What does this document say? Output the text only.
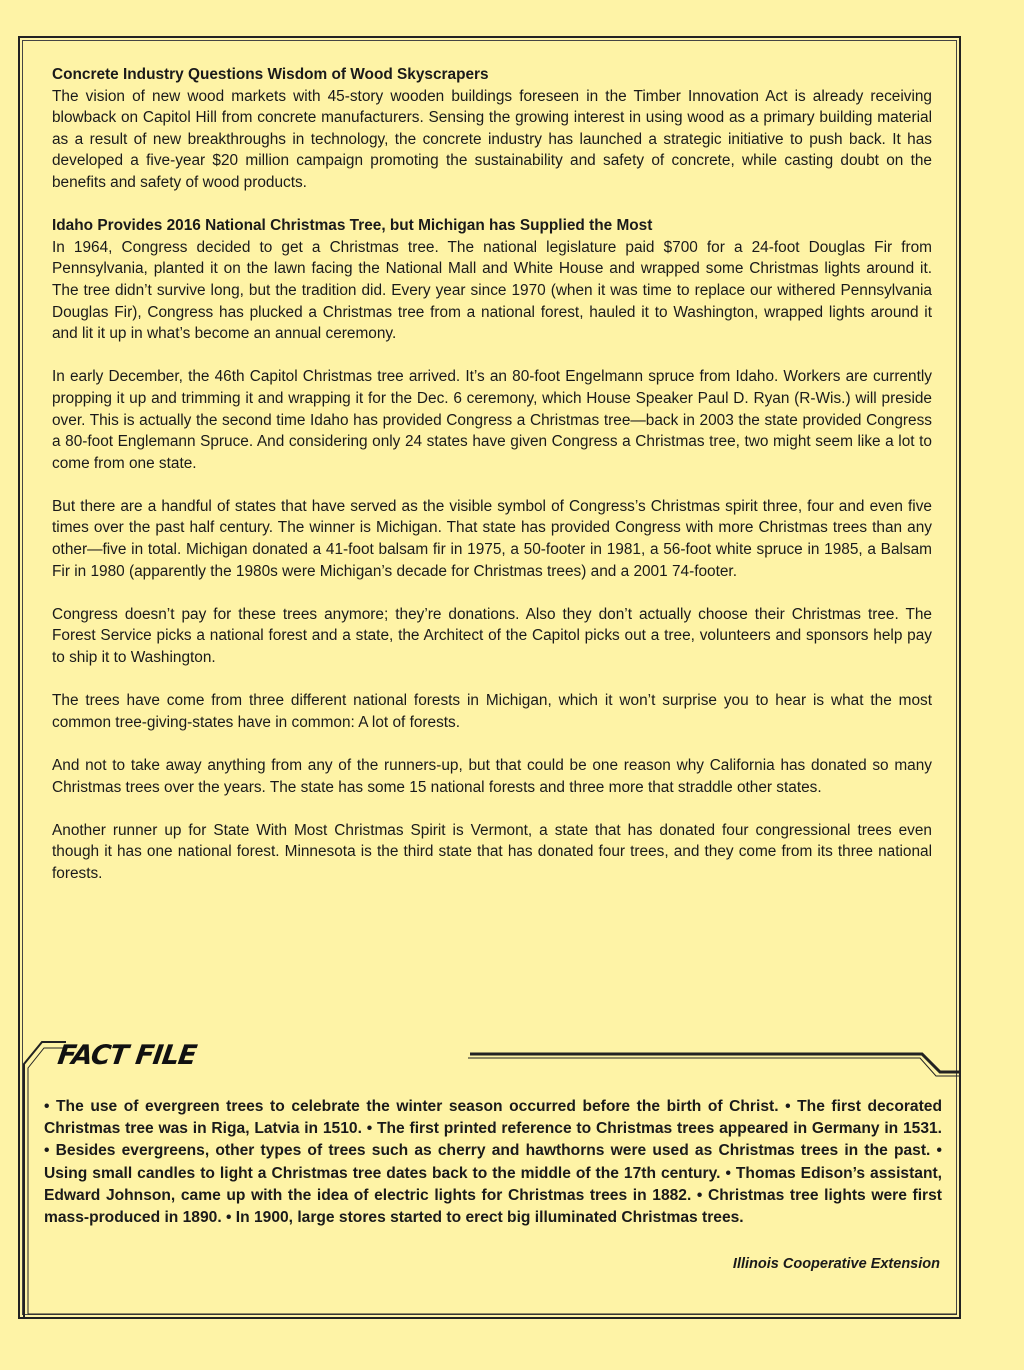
Concrete Industry Questions Wisdom of Wood Skyscrapers

The vision of new wood markets with 45-story wooden buildings foreseen in the Timber Innovation Act is already receiving blowback on Capitol Hill from concrete manufacturers. Sensing the growing interest in using wood as a primary building material as a result of new breakthroughs in technology, the concrete industry has launched a strategic initiative to push back. It has developed a five-year $20 million campaign promoting the sustainability and safety of concrete, while casting doubt on the benefits and safety of wood products.

Idaho Provides 2016 National Christmas Tree, but Michigan has Supplied the Most

In 1964, Congress decided to get a Christmas tree. The national legislature paid $700 for a 24-foot Douglas Fir from Pennsylvania, planted it on the lawn facing the National Mall and White House and wrapped some Christmas lights around it. The tree didn’t survive long, but the tradition did. Every year since 1970 (when it was time to replace our withered Pennsylvania Douglas Fir), Congress has plucked a Christmas tree from a national forest, hauled it to Washington, wrapped lights around it and lit it up in what’s become an annual ceremony.

In early December, the 46th Capitol Christmas tree arrived. It’s an 80-foot Engelmann spruce from Idaho. Workers are currently propping it up and trimming it and wrapping it for the Dec. 6 ceremony, which House Speaker Paul D. Ryan (R-Wis.) will preside over. This is actually the second time Idaho has provided Congress a Christmas tree—back in 2003 the state provided Congress a 80-foot Englemann Spruce. And considering only 24 states have given Congress a Christmas tree, two might seem like a lot to come from one state.

But there are a handful of states that have served as the visible symbol of Congress’s Christmas spirit three, four and even five times over the past half century. The winner is Michigan. That state has provided Congress with more Christmas trees than any other—five in total. Michigan donated a 41-foot balsam fir in 1975, a 50-footer in 1981, a 56-foot white spruce in 1985, a Balsam Fir in 1980 (apparently the 1980s were Michigan’s decade for Christmas trees) and a 2001 74-footer.

Congress doesn’t pay for these trees anymore; they’re donations. Also they don’t actually choose their Christmas tree. The Forest Service picks a national forest and a state, the Architect of the Capitol picks out a tree, volunteers and sponsors help pay to ship it to Washington.

The trees have come from three different national forests in Michigan, which it won’t surprise you to hear is what the most common tree-giving-states have in common: A lot of forests.

And not to take away anything from any of the runners-up, but that could be one reason why California has donated so many Christmas trees over the years. The state has some 15 national forests and three more that straddle other states.

Another runner up for State With Most Christmas Spirit is Vermont, a state that has donated four congressional trees even though it has one national forest. Minnesota is the third state that has donated four trees, and they come from its three national forests.

FACT FILE
• The use of evergreen trees to celebrate the winter season occurred before the birth of Christ. • The first decorated Christmas tree was in Riga, Latvia in 1510. • The first printed reference to Christmas trees appeared in Germany in 1531. • Besides evergreens, other types of trees such as cherry and hawthorns were used as Christmas trees in the past. • Using small candles to light a Christmas tree dates back to the middle of the 17th century. • Thomas Edison’s assistant, Edward Johnson, came up with the idea of electric lights for Christmas trees in 1882. • Christmas tree lights were first mass-produced in 1890. • In 1900, large stores started to erect big illuminated Christmas trees.
Illinois Cooperative Extension
